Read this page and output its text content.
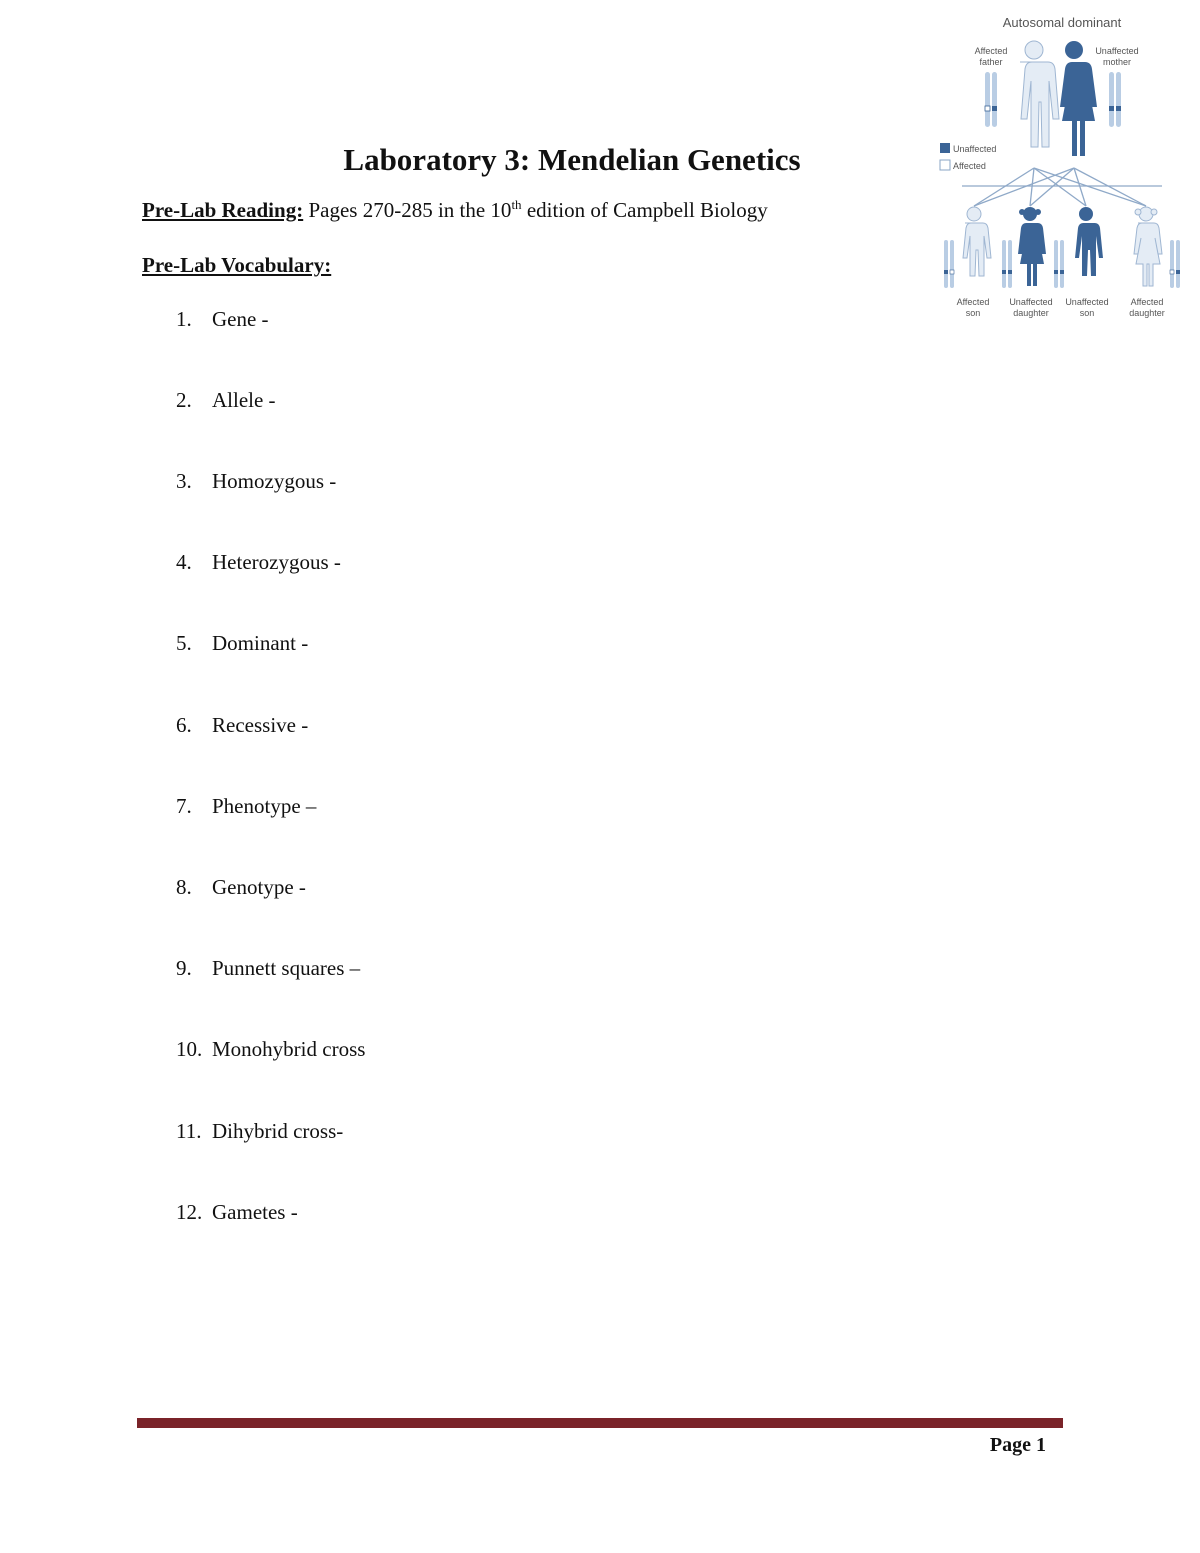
Autosomal dominant
Affected
father
Unaffected
mother
Unaffected
Affected
Affected
son
Unaffected
daughter
Unaffected
son
Affected
daughter
Laboratory 3: Mendelian Genetics
Pre-Lab Reading: Pages 270-285 in the 10th edition of Campbell Biology
Pre-Lab Vocabulary:
1. Gene -
2. Allele -
3. Homozygous -
4. Heterozygous -
5. Dominant -
6. Recessive -
7. Phenotype –
8. Genotype -
9. Punnett squares –
10. Monohybrid cross
11. Dihybrid cross-
12. Gametes -
Page 1
